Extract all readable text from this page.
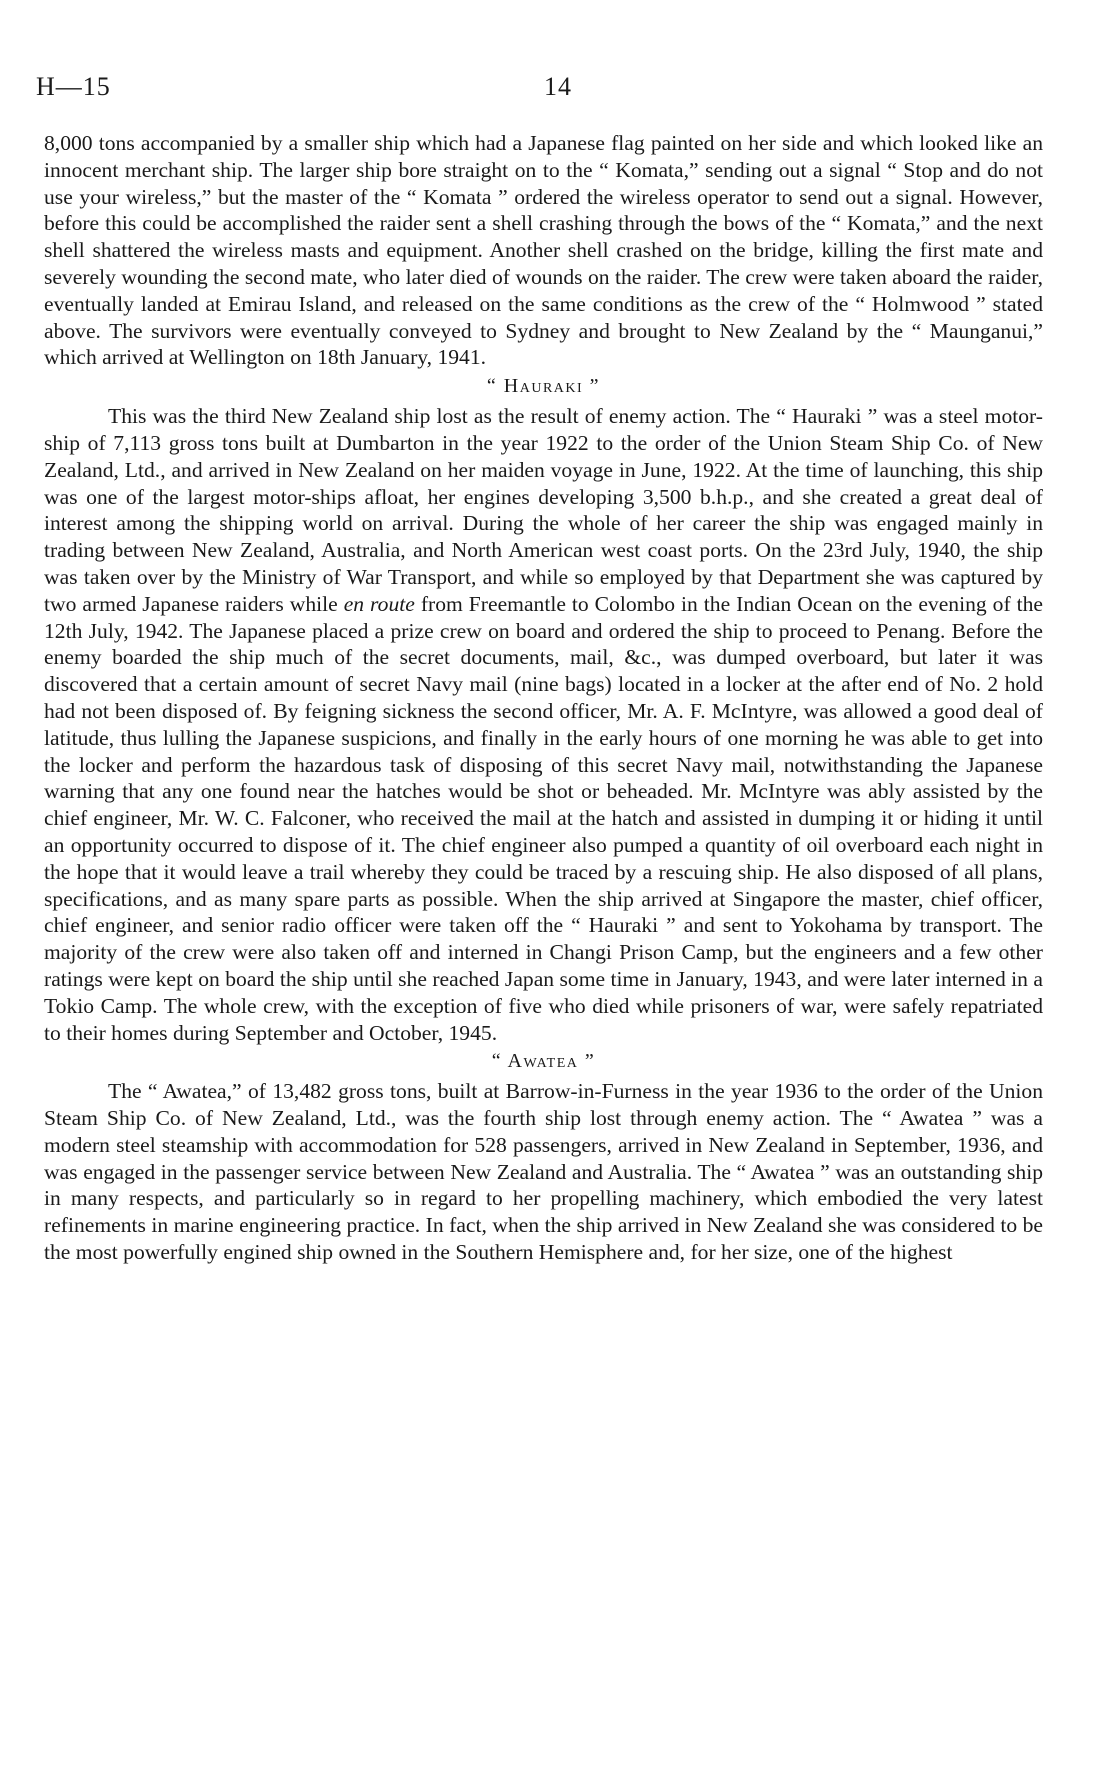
H—15	14

8,000 tons accompanied by a smaller ship which had a Japanese flag painted on her side and which looked like an innocent merchant ship. The larger ship bore straight on to the “ Komata,” sending out a signal “ Stop and do not use your wireless,” but the master of the “ Komata ” ordered the wireless operator to send out a signal. However, before this could be accomplished the raider sent a shell crashing through the bows of the “ Komata,” and the next shell shattered the wireless masts and equipment. Another shell crashed on the bridge, killing the first mate and severely wounding the second mate, who later died of wounds on the raider. The crew were taken aboard the raider, eventually landed at Emirau Island, and released on the same conditions as the crew of the “ Holmwood ” stated above. The survivors were eventually conveyed to Sydney and brought to New Zealand by the “ Maunganui,” which arrived at Wellington on 18th January, 1941.

“ Hauraki ”

This was the third New Zealand ship lost as the result of enemy action. The “ Hauraki ” was a steel motor-ship of 7,113 gross tons built at Dumbarton in the year 1922 to the order of the Union Steam Ship Co. of New Zealand, Ltd., and arrived in New Zealand on her maiden voyage in June, 1922. At the time of launching, this ship was one of the largest motor-ships afloat, her engines developing 3,500 b.h.p., and she created a great deal of interest among the shipping world on arrival. During the whole of her career the ship was engaged mainly in trading between New Zealand, Australia, and North American west coast ports. On the 23rd July, 1940, the ship was taken over by the Ministry of War Transport, and while so employed by that Department she was captured by two armed Japanese raiders while en route from Freemantle to Colombo in the Indian Ocean on the evening of the 12th July, 1942. The Japanese placed a prize crew on board and ordered the ship to proceed to Penang. Before the enemy boarded the ship much of the secret documents, mail, &c., was dumped overboard, but later it was discovered that a certain amount of secret Navy mail (nine bags) located in a locker at the after end of No. 2 hold had not been disposed of. By feigning sickness the second officer, Mr. A. F. McIntyre, was allowed a good deal of latitude, thus lulling the Japanese suspicions, and finally in the early hours of one morning he was able to get into the locker and perform the hazardous task of disposing of this secret Navy mail, notwithstanding the Japanese warning that any one found near the hatches would be shot or beheaded. Mr. McIntyre was ably assisted by the chief engineer, Mr. W. C. Falconer, who received the mail at the hatch and assisted in dumping it or hiding it until an opportunity occurred to dispose of it. The chief engineer also pumped a quantity of oil overboard each night in the hope that it would leave a trail whereby they could be traced by a rescuing ship. He also disposed of all plans, specifications, and as many spare parts as possible. When the ship arrived at Singapore the master, chief officer, chief engineer, and senior radio officer were taken off the “ Hauraki ” and sent to Yokohama by transport. The majority of the crew were also taken off and interned in Changi Prison Camp, but the engineers and a few other ratings were kept on board the ship until she reached Japan some time in January, 1943, and were later interned in a Tokio Camp. The whole crew, with the exception of five who died while prisoners of war, were safely repatriated to their homes during September and October, 1945.

“ Awatea ”

The “ Awatea,” of 13,482 gross tons, built at Barrow-in-Furness in the year 1936 to the order of the Union Steam Ship Co. of New Zealand, Ltd., was the fourth ship lost through enemy action. The “ Awatea ” was a modern steel steamship with accommodation for 528 passengers, arrived in New Zealand in September, 1936, and was engaged in the passenger service between New Zealand and Australia. The “ Awatea ” was an outstanding ship in many respects, and particularly so in regard to her propelling machinery, which embodied the very latest refinements in marine engineering practice. In fact, when the ship arrived in New Zealand she was considered to be the most powerfully engined ship owned in the Southern Hemisphere and, for her size, one of the highest
